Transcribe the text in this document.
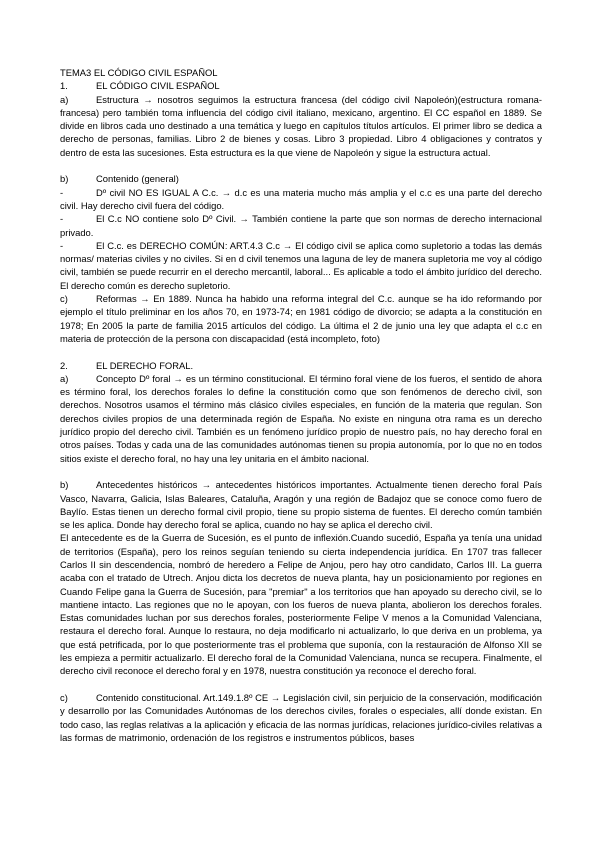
TEMA3 EL CÓDIGO CIVIL ESPAÑOL

1.	EL CÓDIGO CIVIL ESPAÑOL

a)	Estructura → nosotros seguimos la estructura francesa (del código civil Napoleón)(estructura romana-francesa) pero también toma influencia del código civil italiano, mexicano, argentino. El CC español en 1889. Se divide en libros cada uno destinado a una temática y luego en capítulos títulos artículos. El primer libro se dedica a derecho de personas, familias. Libro 2 de bienes y cosas. Libro 3 propiedad. Libro 4 obligaciones y contratos y dentro de esta las sucesiones. Esta estructura es la que viene de Napoleón y sigue la estructura actual.

b)	Contenido (general)

-	Dº civil NO ES IGUAL A C.c. → d.c es una materia mucho más amplia y el c.c es una parte del derecho civil. Hay derecho civil fuera del código.

-	El C.c NO contiene solo Dº Civil. → También contiene la parte que son normas de derecho internacional privado.

-	El C.c. es DERECHO COMÚN: ART.4.3 C.c → El código civil se aplica como supletorio a todas las demás normas/ materias civiles y no civiles. Si en d civil tenemos una laguna de ley de manera supletoria me voy al código civil, también se puede recurrir en el derecho mercantil, laboral... Es aplicable a todo el ámbito jurídico del derecho. El derecho común es derecho supletorio.

c)	Reformas → En 1889. Nunca ha habido una reforma integral del C.c. aunque se ha ido reformando por ejemplo el título preliminar en los años 70, en 1973-74; en 1981 código de divorcio; se adapta a la constitución en 1978; En 2005 la parte de familia 2015 artículos del código. La última el 2 de junio una ley que adapta el c.c en materia de protección de la persona con discapacidad (está incompleto, foto)

2.	EL DERECHO FORAL.

a)	Concepto Dº foral → es un término constitucional. El término foral viene de los fueros, el sentido de ahora es término foral, los derechos forales lo define la constitución como que son fenómenos de derecho civil, son derechos. Nosotros usamos el término más clásico civiles especiales, en función de la materia que regulan. Son derechos civiles propios de una determinada región de España. No existe en ninguna otra rama es un derecho jurídico propio del derecho civil. También es un fenómeno jurídico propio de nuestro país, no hay derecho foral en otros países. Todas y cada una de las comunidades autónomas tienen su propia autonomía, por lo que no en todos sitios existe el derecho foral, no hay una ley unitaria en el ámbito nacional.

b)	Antecedentes históricos → antecedentes históricos importantes. Actualmente tienen derecho foral País Vasco, Navarra, Galicia, Islas Baleares, Cataluña, Aragón y una región de Badajoz que se conoce como fuero de Baylío. Estas tienen un derecho formal civil propio, tiene su propio sistema de fuentes. El derecho común también se les aplica. Donde hay derecho foral se aplica, cuando no hay se aplica el derecho civil.

El antecedente es de la Guerra de Sucesión, es el punto de inflexión.Cuando sucedió, España ya tenía una unidad de territorios (España), pero los reinos seguían teniendo su cierta independencia jurídica. En 1707 tras fallecer Carlos II sin descendencia, nombró de heredero a Felipe de Anjou, pero hay otro candidato, Carlos III. La guerra acaba con el tratado de Utrech. Anjou dicta los decretos de nueva planta, hay un posicionamiento por regiones en Cuando Felipe gana la Guerra de Sucesión, para "premiar" a los territorios que han apoyado su derecho civil, se lo mantiene intacto. Las regiones que no le apoyan, con los fueros de nueva planta, abolieron los derechos forales. Estas comunidades luchan por sus derechos forales, posteriormente Felipe V menos a la Comunidad Valenciana, restaura el derecho foral. Aunque lo restaura, no deja modificarlo ni actualizarlo, lo que deriva en un problema, ya que está petrificada, por lo que posteriormente tras el problema que suponía, con la restauración de Alfonso XII se les empieza a permitir actualizarlo. El derecho foral de la Comunidad Valenciana, nunca se recupera. Finalmente, el derecho civil reconoce el derecho foral y en 1978, nuestra constitución ya reconoce el derecho foral.

c)	Contenido constitucional. Art.149.1.8º CE → Legislación civil, sin perjuicio de la conservación, modificación y desarrollo por las Comunidades Autónomas de los derechos civiles, forales o especiales, allí donde existan. En todo caso, las reglas relativas a la aplicación y eficacia de las normas jurídicas, relaciones jurídico-civiles relativas a las formas de matrimonio, ordenación de los registros e instrumentos públicos, bases
